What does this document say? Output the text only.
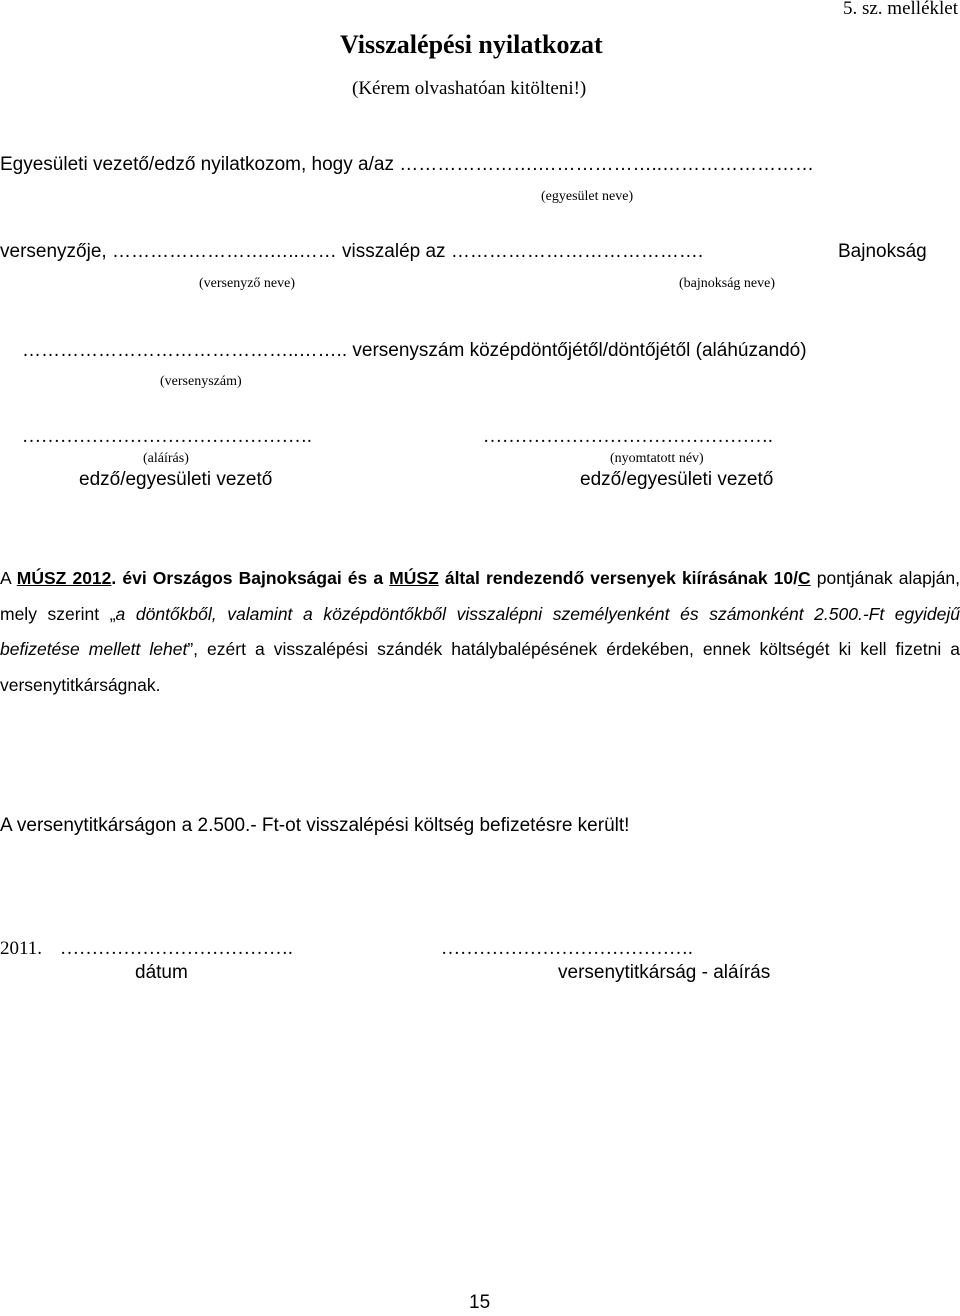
5. sz. melléklet
Visszalépési nyilatkozat
(Kérem olvashatóan kitölteni!)
Egyesületi vezető/edző nyilatkozom, hogy a/az ………………….………………..……………………
(egyesület neve)
versenyzője, …………………….…..…… visszalép az ………………………………….	Bajnokság
(versenyző neve)	(bajnokság neve)
……………………………………..…….. versenyszám középdöntőjétől/döntőjétől (aláhúzandó)
(versenyszám)
……………………………………….	……………………………………….
(aláírás)	(nyomtatott név)
edző/egyesületi vezető	edző/egyesületi vezető
A MÚSZ 2012. évi Országos Bajnokságai és a MÚSZ által rendezendő versenyek kiírásának 10/C pontjának alapján, mely szerint „a döntőkből, valamint a középdöntőkből visszalépni személyenként és számonként 2.500.-Ft egyidejű befizetése mellett lehet”, ezért a visszalépési szándék hatálybalépésének érdekében, ennek költségét ki kell fizetni a versenytitkárságnak.
A versenytitkárságon a 2.500.- Ft-ot visszalépési költség befizetésre került!
2011. ……………………………….	………………………………….
dátum	versenytitkárság - aláírás
15
